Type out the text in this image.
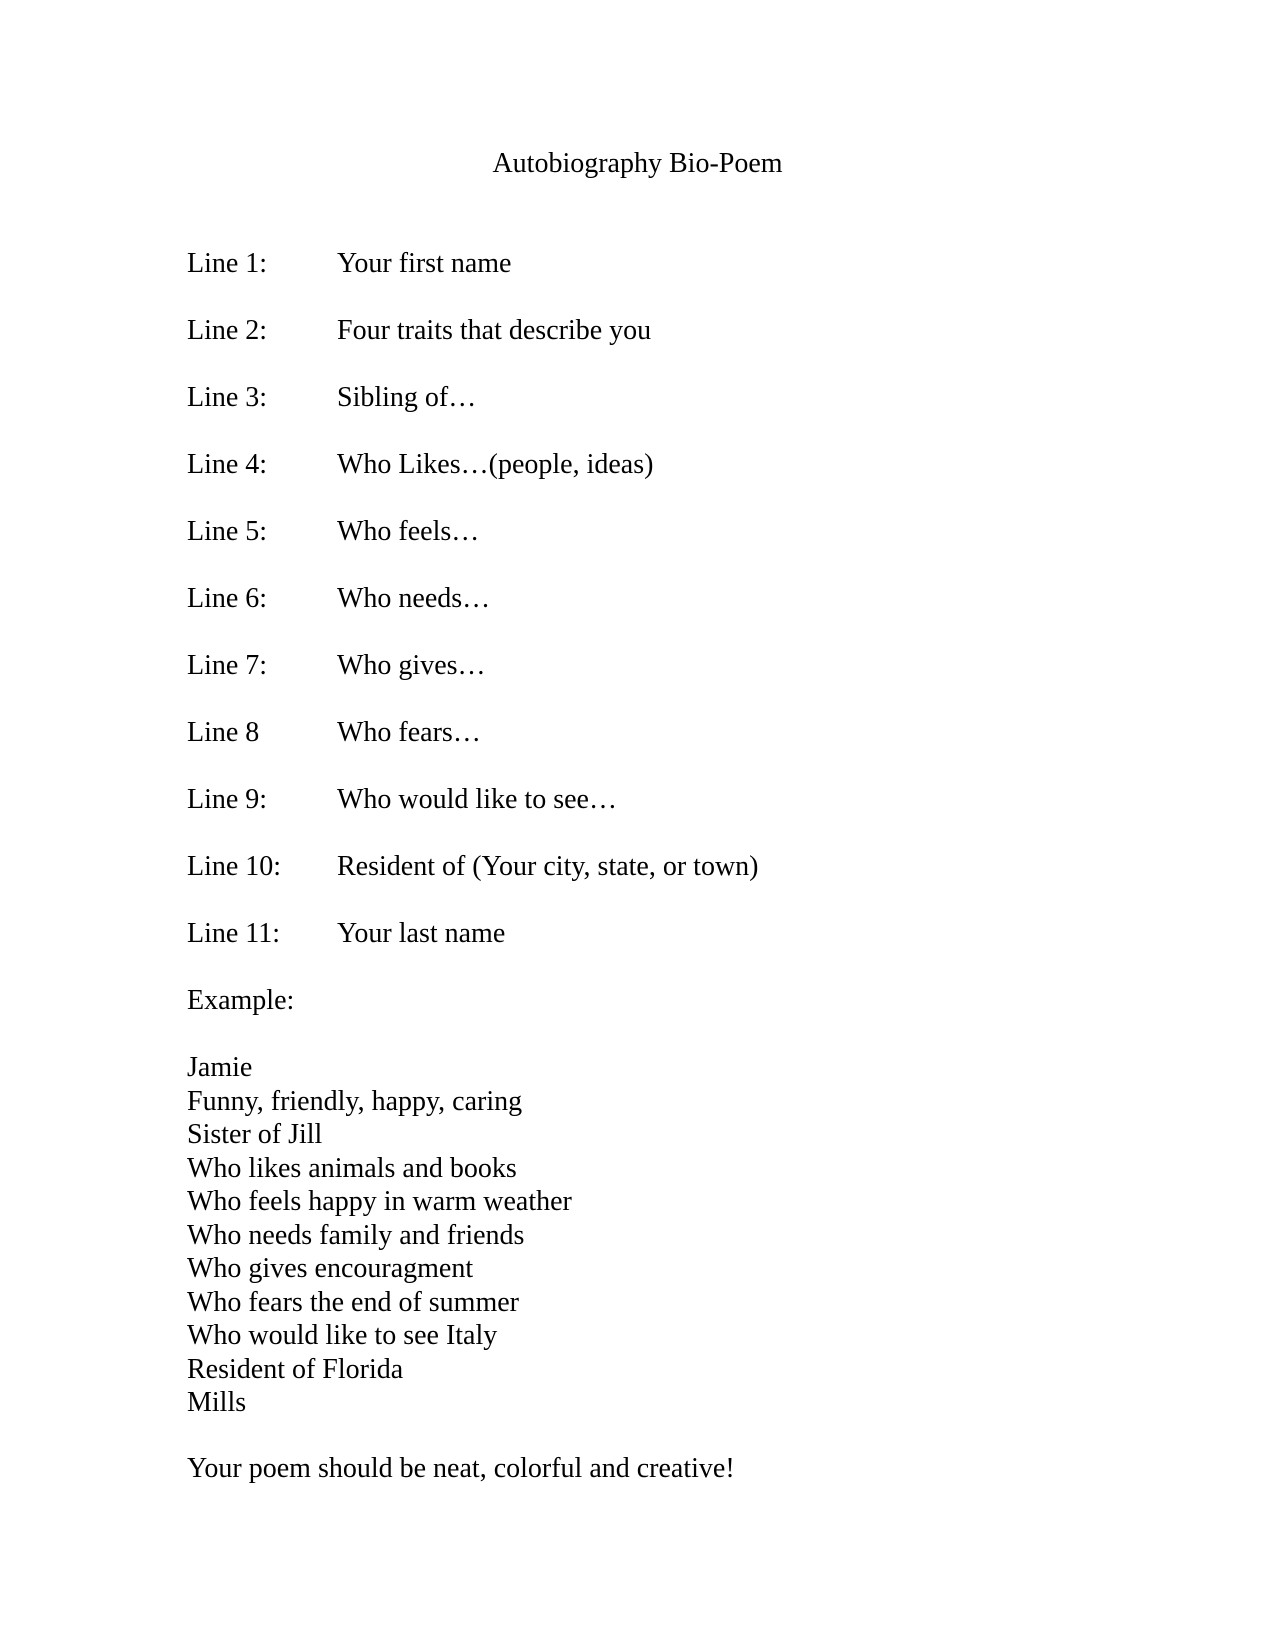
Autobiography Bio-Poem
Line 1:	Your first name
Line 2:	Four traits that describe you
Line 3:	Sibling of…
Line 4:	Who Likes…(people, ideas)
Line 5:	Who feels…
Line 6:	Who needs…
Line 7:	Who gives…
Line 8	Who fears…
Line 9:	Who would like to see…
Line 10:	Resident of (Your city, state, or town)
Line 11:	Your last name
Example:
Jamie
Funny, friendly, happy, caring
Sister of Jill
Who likes animals and books
Who feels happy in warm weather
Who needs family and friends
Who gives encouragment
Who fears the end of summer
Who would like to see Italy
Resident of Florida
Mills
Your poem should be neat, colorful and creative!
